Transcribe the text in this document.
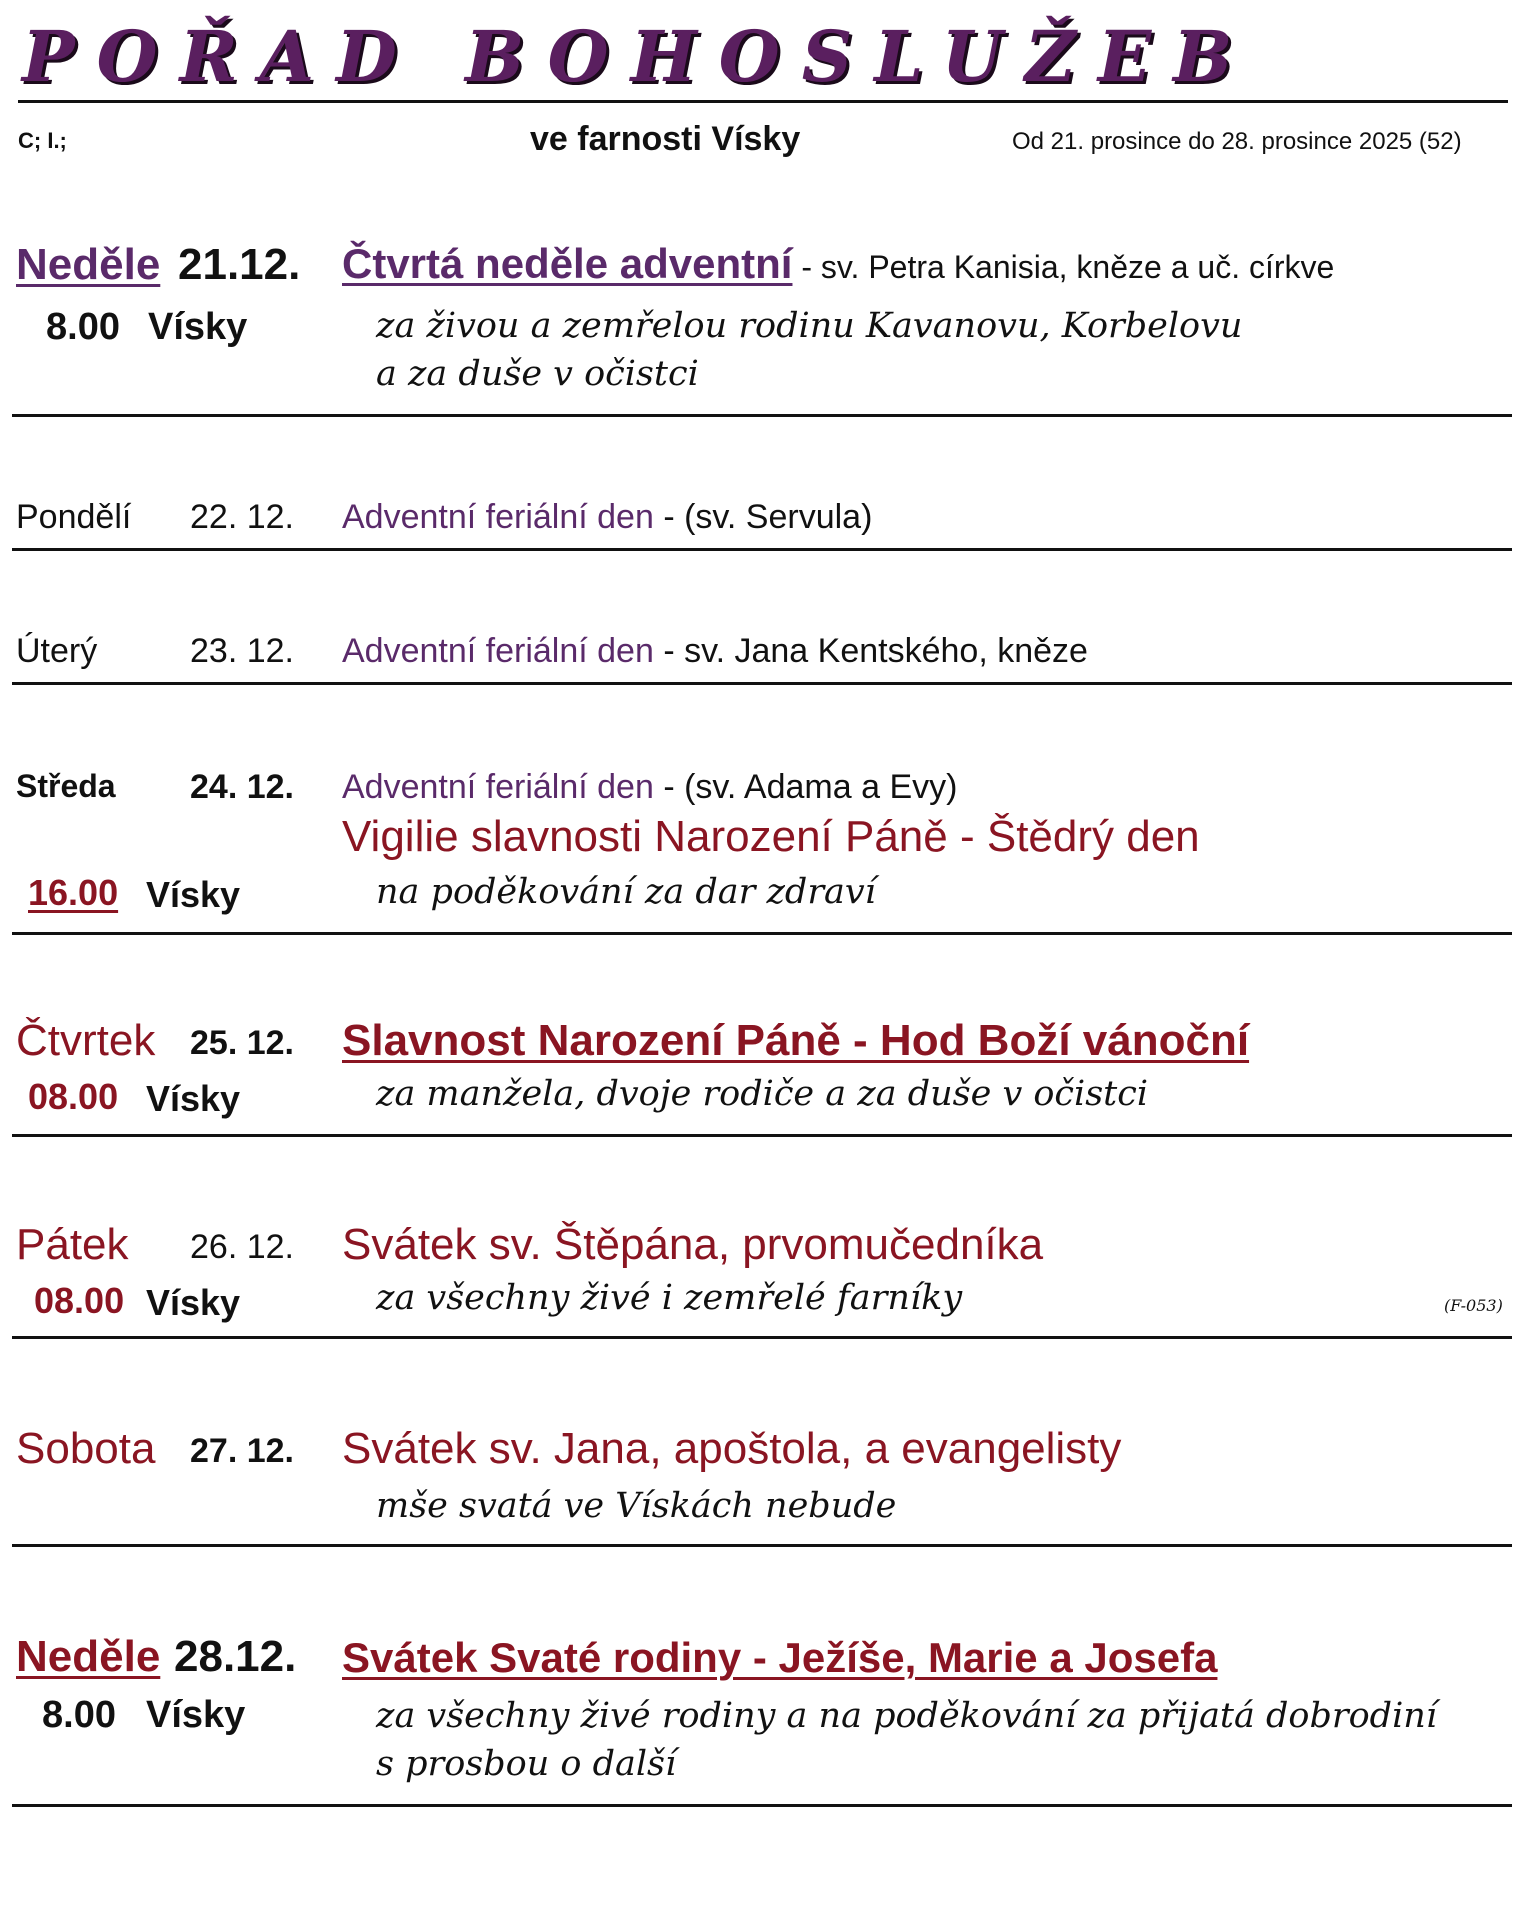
POŘAD BOHOSLUŽEB
C; I.;	ve farnosti Vísky	Od 21. prosince do 28. prosince 2025 (52)
Neděle 21.12. Čtvrtá neděle adventní - sv. Petra Kanisia, kněze a uč. církve
8.00 Vísky	za živou a zemřelou rodinu Kavanovu, Korbelovu
a za duše v očistci
Pondělí 22. 12. Adventní feriální den - (sv. Servula)
Úterý	23. 12. Adventní feriální den - sv. Jana Kentského, kněze
Středa 24. 12. Adventní feriální den - (sv. Adama a Evy)
Vigilie slavnosti Narození Páně - Štědrý den
16.00 Vísky	na poděkování za dar zdraví
Čtvrtek 25. 12. Slavnost Narození Páně - Hod Boží vánoční
08.00 Vísky	za manžela, dvoje rodiče a za duše v očistci
Pátek 26. 12. Svátek sv. Štěpána, prvomučedníka
08.00 Vísky	za všechny živé i zemřelé farníky	(F-053)
Sobota 27. 12. Svátek sv. Jana, apoštola, a evangelisty
mše svatá ve Vískách nebude
Neděle 28.12. Svátek Svaté rodiny - Ježíše, Marie a Josefa
8.00 Vísky	za všechny živé rodiny a na poděkování za přijatá dobrodiní
s prosbou o další
